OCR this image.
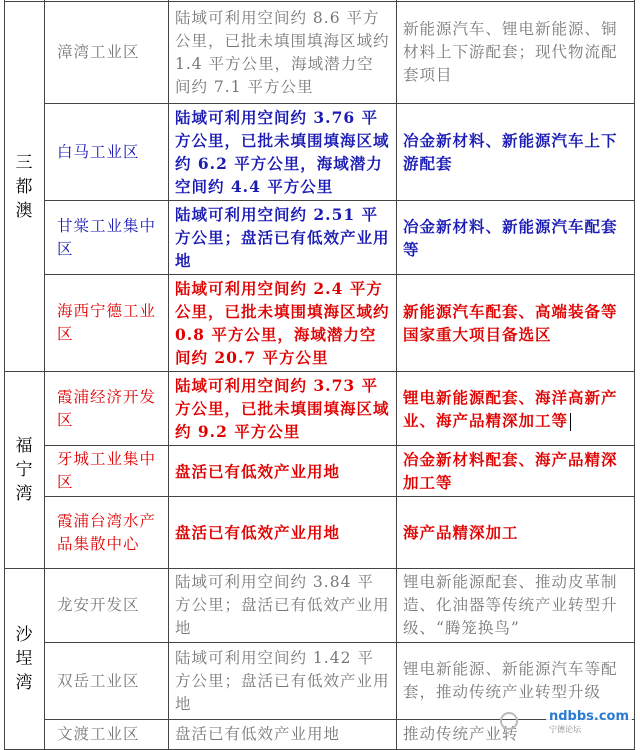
三都澳	漳湾工业区	陆域可利用空间约 8.6 平方公里，已批未填围填海区域约 1.4 平方公里，海域潜力空间约 7.1 平方公里	新能源汽车、锂电新能源、铜材料上下游配套；现代物流配套项目
	白马工业区	陆域可利用空间约 3.76 平方公里，已批未填围填海区域约 6.2 平方公里，海域潜力空间约 4.4 平方公里	冶金新材料、新能源汽车上下游配套
	甘棠工业集中区	陆域可利用空间约 2.51 平方公里；盘活已有低效产业用地	冶金新材料、新能源汽车配套等
	海西宁德工业区	陆域可利用空间约 2.4 平方公里，已批未填围填海区域约 0.8 平方公里，海域潜力空间约 20.7 平方公里	新能源汽车配套、高端装备等国家重大项目备选区
福宁湾	霞浦经济开发区	陆域可利用空间约 3.73 平方公里，已批未填围填海区域约 9.2 平方公里	锂电新能源配套、海洋高新产业、海产品精深加工等
	牙城工业集中区	盘活已有低效产业用地	冶金新材料配套、海产品精深加工等
	霞浦台湾水产品集散中心	盘活已有低效产业用地	海产品精深加工
沙埕湾	龙安开发区	陆域可利用空间约 3.84 平方公里；盘活已有低效产业用地	锂电新能源配套、推动皮革制造、化油器等传统产业转型升级、“腾笼换鸟”
	双岳工业区	陆域可利用空间约 1.42 平方公里；盘活已有低效产业用地	锂电新能源、新能源汽车等配套，推动传统产业转型升级
	文渡工业区	盘活已有低效产业用地	推动传统产业转
ndbbs.com
宁德论坛
